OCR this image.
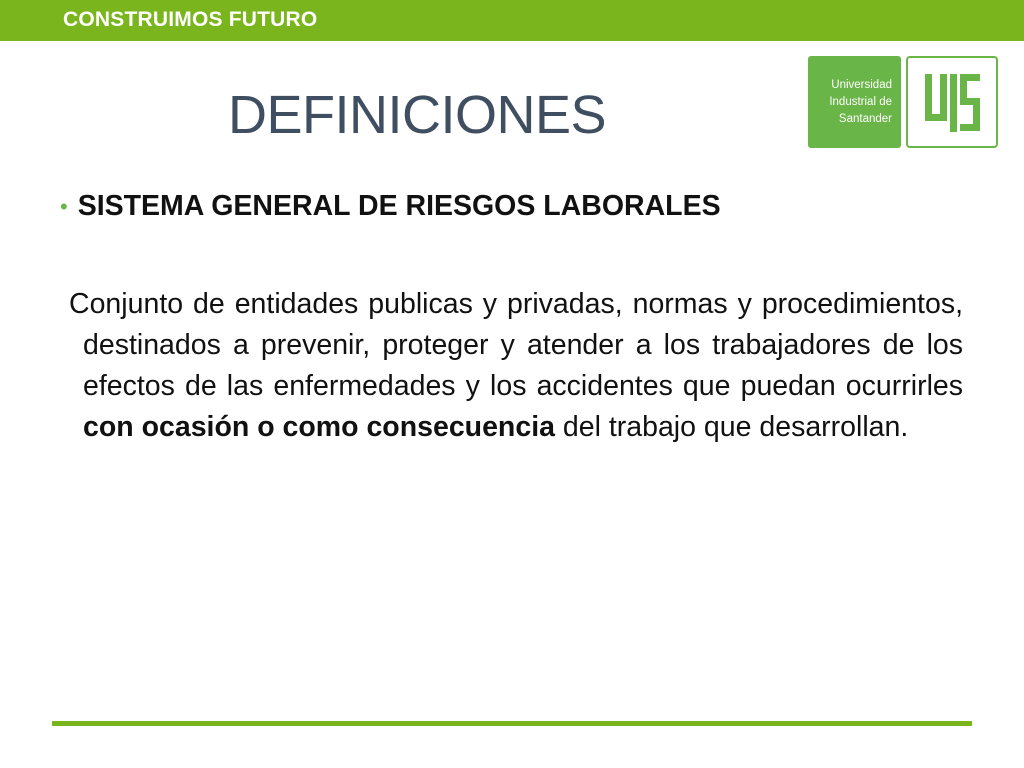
CONSTRUIMOS FUTURO
DEFINICIONES
Universidad
Industrial de
Santander
• SISTEMA GENERAL DE RIESGOS LABORALES
Conjunto de entidades publicas y privadas, normas y procedimientos, destinados a prevenir, proteger y atender a los trabajadores de los efectos de las enfermedades y los accidentes que puedan ocurrirles con ocasión o como consecuencia del trabajo que desarrollan.
